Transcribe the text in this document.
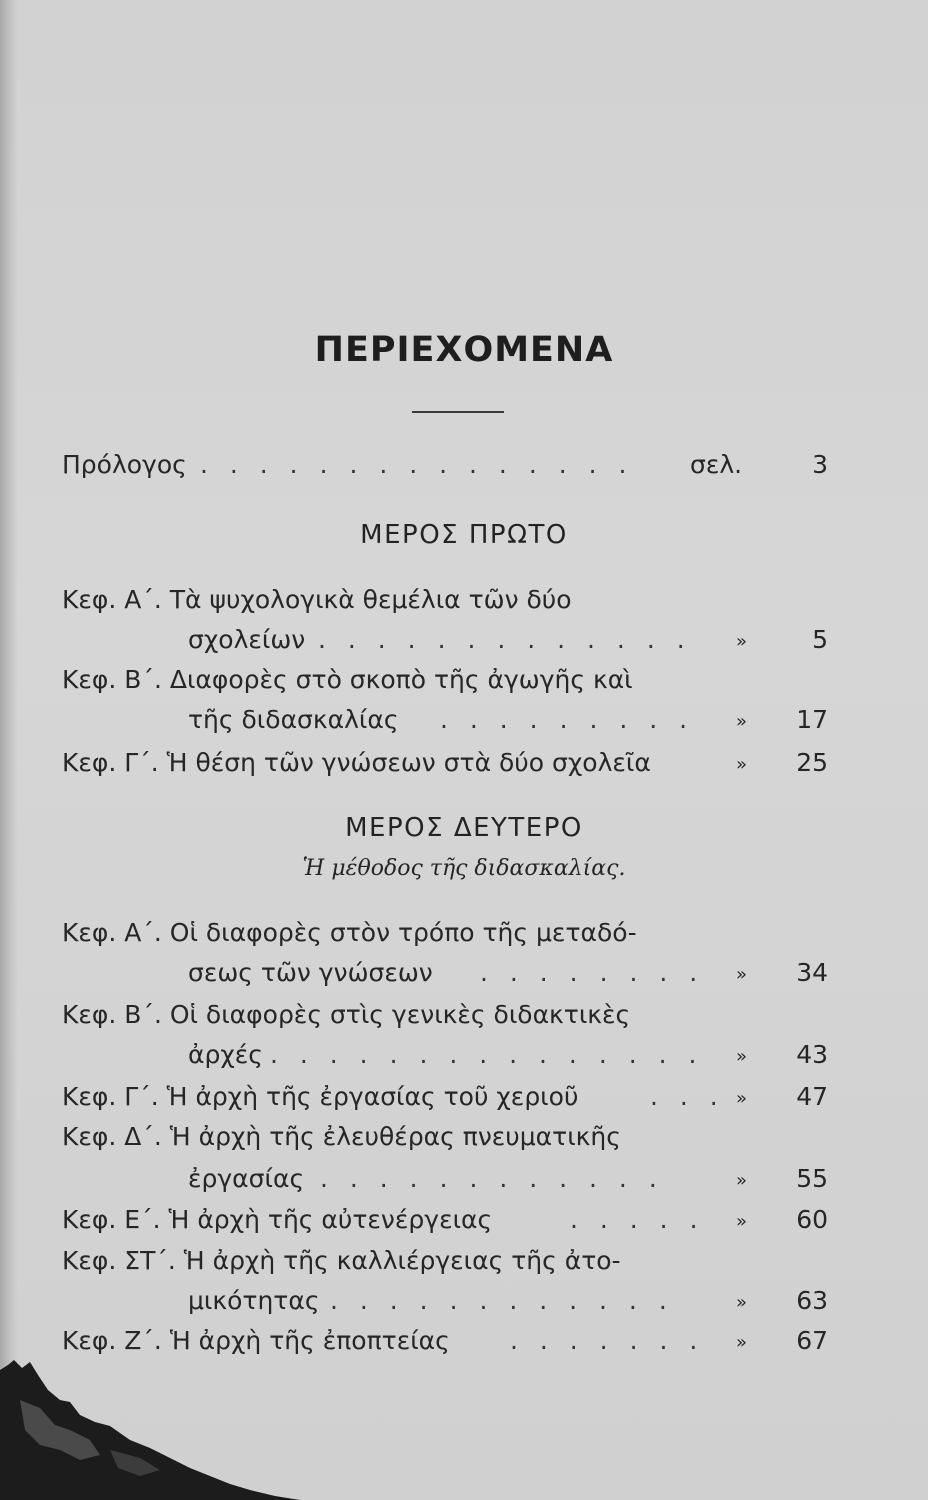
ΠΕΡΙΕΧΟΜΕΝΑ
Πρόλογος . . . . . . . . . . . . . . . σελ.	3
ΜΕΡΟΣ ΠΡΩΤΟ
Κεφ. Α΄. Τὰ ψυχολογικὰ θεμέλια τῶν δύο
σχολείων . . . . . . . . . . . . . »	5
Κεφ. Β΄. Διαφορὲς στὸ σκοπὸ τῆς ἀγωγῆς καὶ
τῆς διδασκαλίας . . . . . . . . . » 17
Κεφ. Γ΄. Ἡ θέση τῶν γνώσεων στὰ δύο σχολεῖα	» 25
ΜΕΡΟΣ ΔΕΥΤΕΡΟ
Ἡ μέθοδος τῆς διδασκαλίας.
Κεφ. Α΄. Οἱ διαφορὲς στὸν τρόπο τῆς μεταδό-
σεως τῶν γνώσεων . . . . . . . . » 34
Κεφ. Β΄. Οἱ διαφορὲς στὶς γενικὲς διδακτικὲς
ἀρχές . . . . . . . . . . . . . . . » 43
Κεφ. Γ΄. Ἡ ἀρχὴ τῆς ἐργασίας τοῦ χεριοῦ	. . . » 47
Κεφ. Δ΄. Ἡ ἀρχὴ τῆς ἐλευθέρας πνευματικῆς
ἐργασίας . . . . . . . . . . . .	» 55
Κεφ. Ε΄. Ἡ ἀρχὴ τῆς αὐτενέργειας	. . . . . » 60
Κεφ. ΣΤ΄. Ἡ ἀρχὴ τῆς καλλιέργειας τῆς ἀτο-
μικότητας . . . . . . . . . . . .	» 63
Κεφ. Ζ΄. Ἡ ἀρχὴ τῆς ἐποπτείας . . . . . . . » 67
